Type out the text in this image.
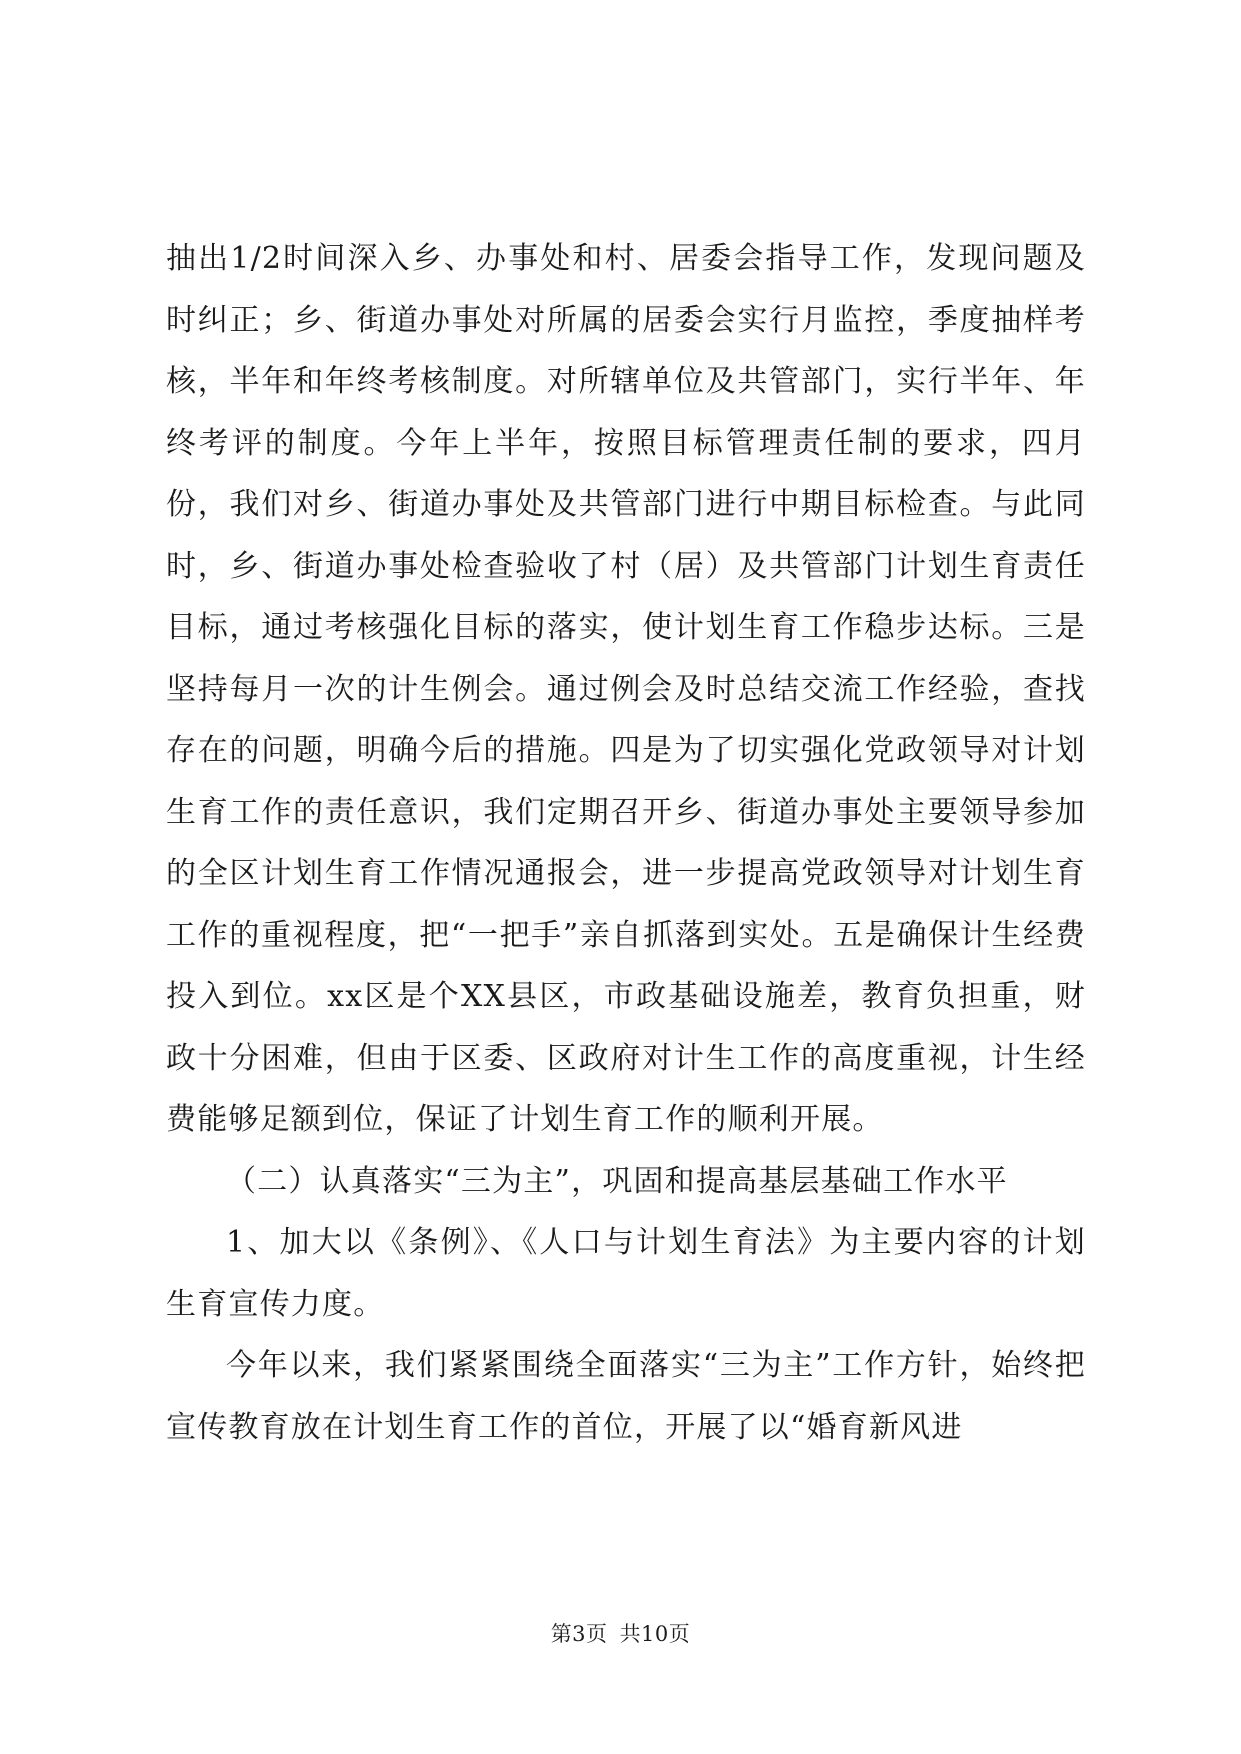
抽出1/2时间深入乡、办事处和村、居委会指导工作，发现问题及时纠正；乡、街道办事处对所属的居委会实行月监控，季度抽样考核，半年和年终考核制度。对所辖单位及共管部门，实行半年、年终考评的制度。今年上半年，按照目标管理责任制的要求，四月份，我们对乡、街道办事处及共管部门进行中期目标检查。与此同时，乡、街道办事处检查验收了村（居）及共管部门计划生育责任目标，通过考核强化目标的落实，使计划生育工作稳步达标。三是坚持每月一次的计生例会。通过例会及时总结交流工作经验，查找存在的问题，明确今后的措施。四是为了切实强化党政领导对计划生育工作的责任意识，我们定期召开乡、街道办事处主要领导参加的全区计划生育工作情况通报会，进一步提高党政领导对计划生育工作的重视程度，把“一把手”亲自抓落到实处。五是确保计生经费投入到位。xx区是个XX县区，市政基础设施差，教育负担重，财政十分困难，但由于区委、区政府对计生工作的高度重视，计生经费能够足额到位，保证了计划生育工作的顺利开展。

（二）认真落实“三为主”，巩固和提高基层基础工作水平

1、加大以《条例》、《人口与计划生育法》为主要内容的计划生育宣传力度。

今年以来，我们紧紧围绕全面落实“三为主”工作方针，始终把宣传教育放在计划生育工作的首位，开展了以“婚育新风进

第3页 共10页
